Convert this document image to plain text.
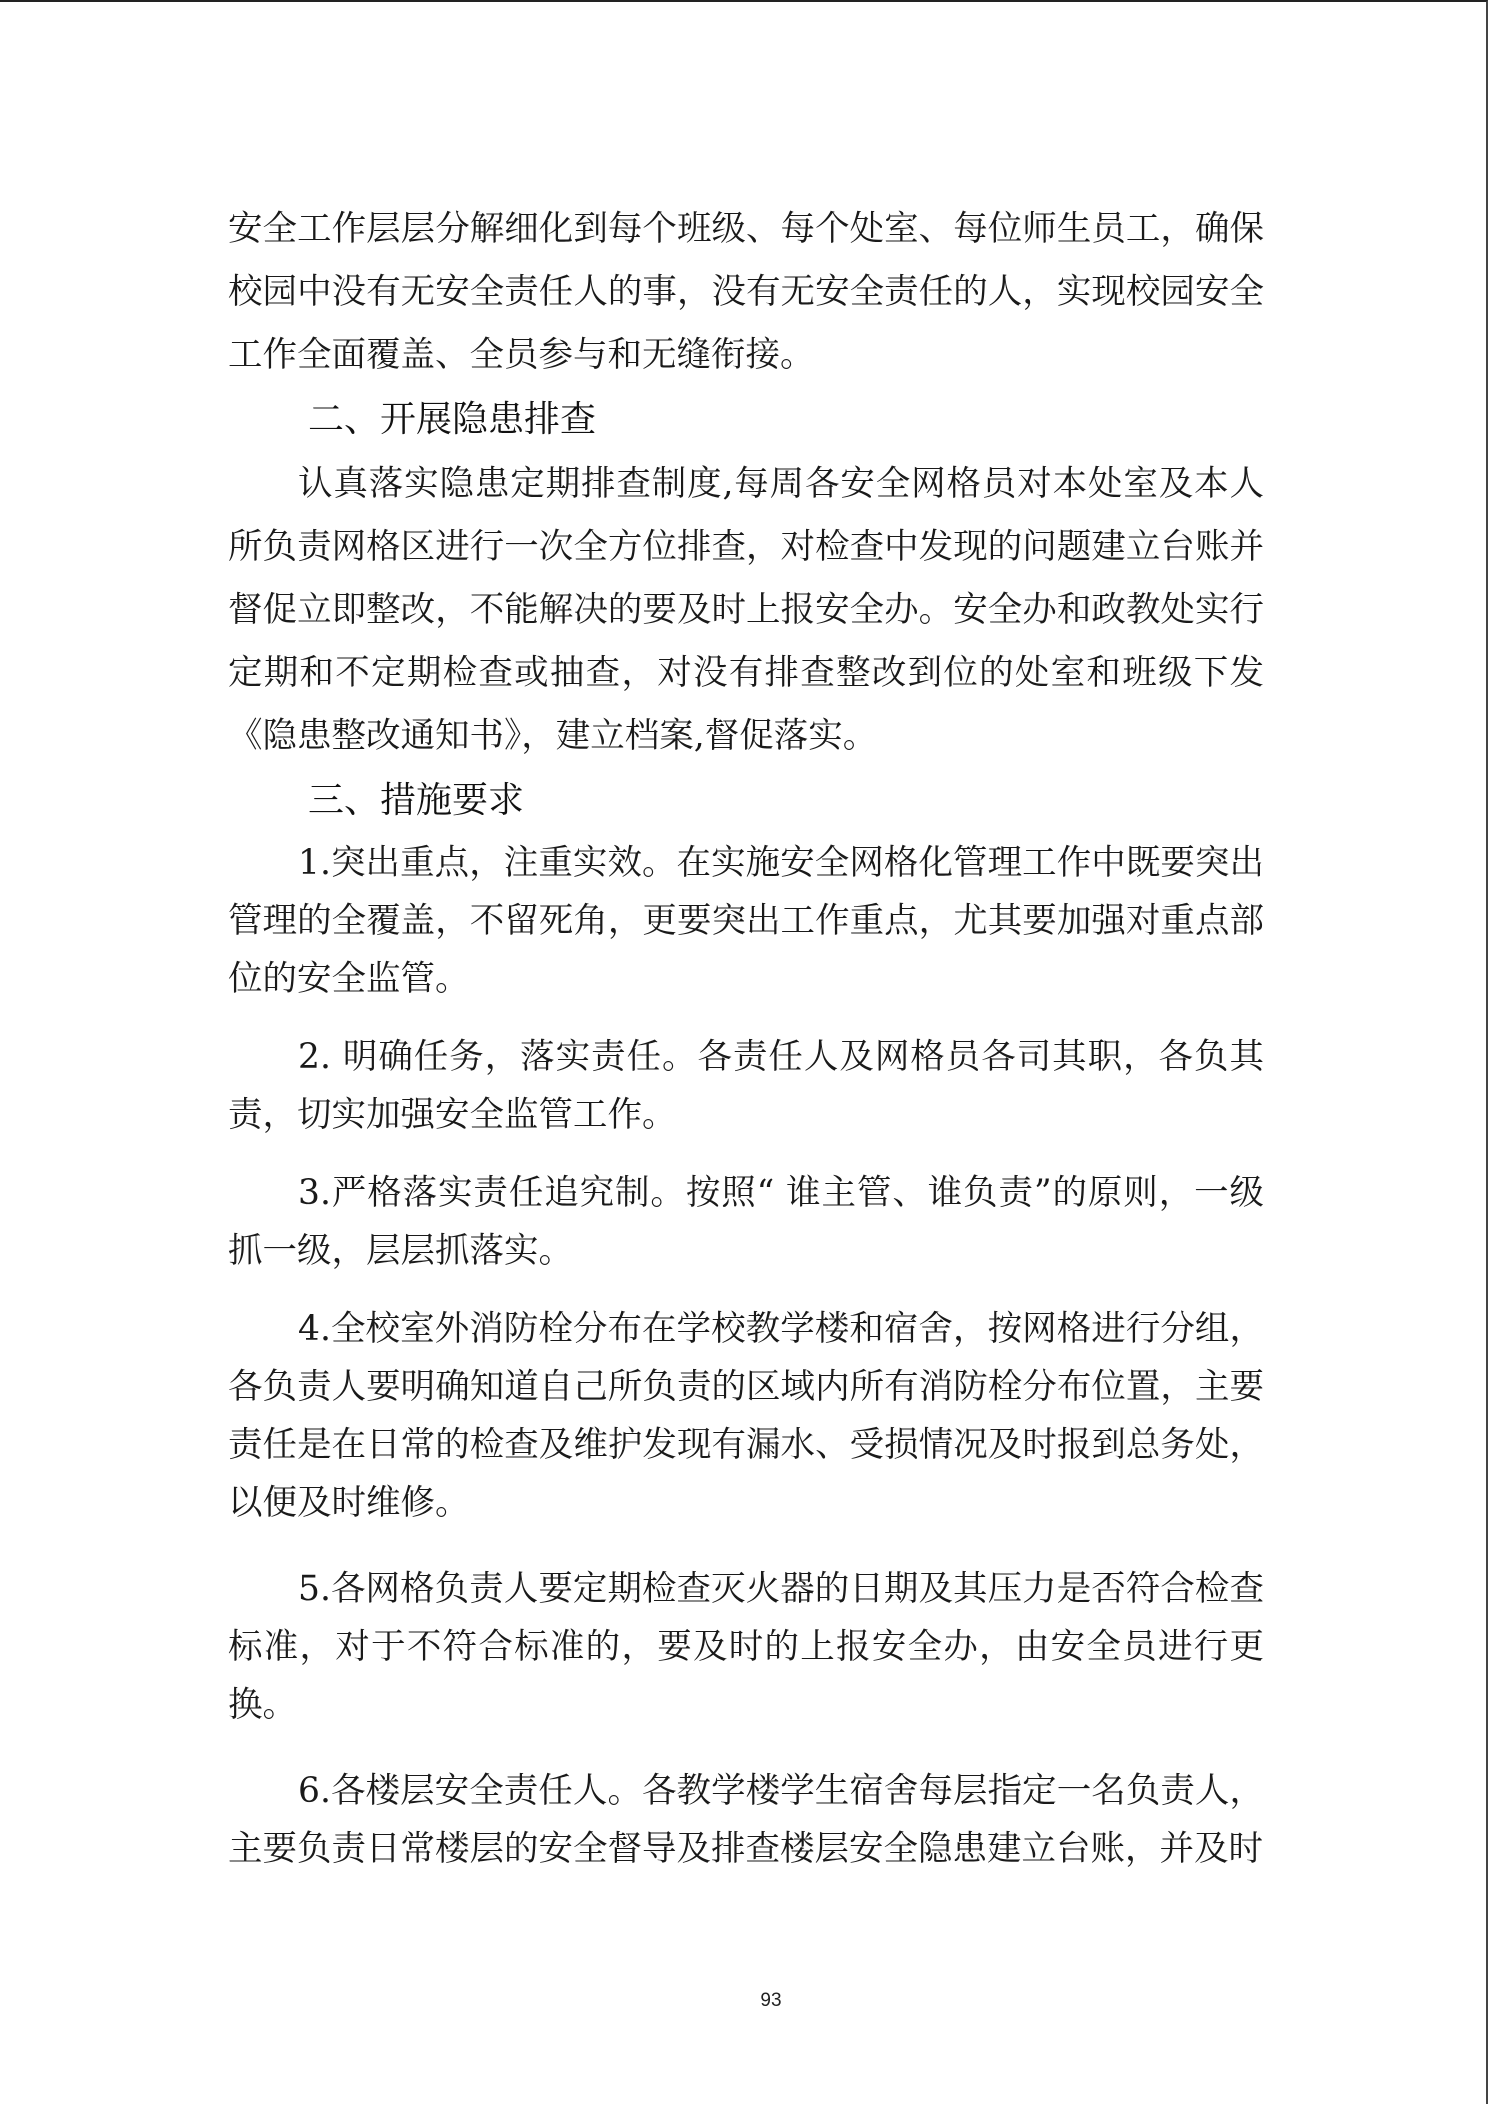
安全工作层层分解细化到每个班级、每个处室、每位师生员工，确保校园中没有无安全责任人的事，没有无安全责任的人，实现校园安全工作全面覆盖、全员参与和无缝衔接。

二、开展隐患排查

认真落实隐患定期排查制度,每周各安全网格员对本处室及本人所负责网格区进行一次全方位排查，对检查中发现的问题建立台账并督促立即整改，不能解决的要及时上报安全办。安全办和政教处实行定期和不定期检查或抽查，对没有排查整改到位的处室和班级下发《隐患整改通知书》，建立档案,督促落实。

三、措施要求

1.突出重点，注重实效。在实施安全网格化管理工作中既要突出管理的全覆盖，不留死角，更要突出工作重点，尤其要加强对重点部位的安全监管。

2. 明确任务，落实责任。各责任人及网格员各司其职，各负其责，切实加强安全监管工作。

3.严格落实责任追究制。按照“ 谁主管、谁负责”的原则，一级抓一级，层层抓落实。

4.全校室外消防栓分布在学校教学楼和宿舍，按网格进行分组，各负责人要明确知道自己所负责的区域内所有消防栓分布位置，主要责任是在日常的检查及维护发现有漏水、受损情况及时报到总务处，以便及时维修。

5.各网格负责人要定期检查灭火器的日期及其压力是否符合检查标准，对于不符合标准的，要及时的上报安全办，由安全员进行更换。

6.各楼层安全责任人。各教学楼学生宿舍每层指定一名负责人，主要负责日常楼层的安全督导及排查楼层安全隐患建立台账，并及时

93
